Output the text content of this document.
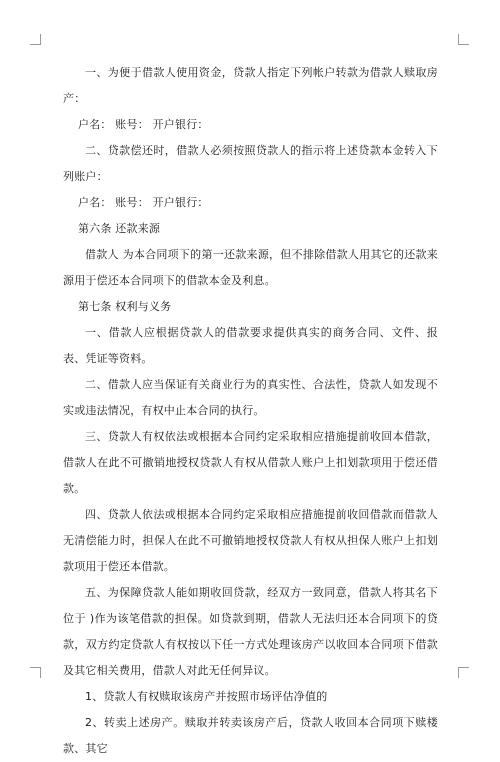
一、为便于借款人使用资金，贷款人指定下列帐户转款为借款人赎取房产：

户名： 账号： 开户银行：

二、贷款偿还时，借款人必须按照贷款人的指示将上述贷款本金转入下列账户：

户名： 账号： 开户银行：

第六条 还款来源

借款人 为本合同项下的第一还款来源，但不排除借款人用其它的还款来源用于偿还本合同项下的借款本金及利息。

第七条 权利与义务

一、借款人应根据贷款人的借款要求提供真实的商务合同、文件、报表、凭证等资料。

二、借款人应当保证有关商业行为的真实性、合法性，贷款人如发现不实或违法情况，有权中止本合同的执行。

三、贷款人有权依法或根据本合同约定采取相应措施提前收回本借款，借款人在此不可撤销地授权贷款人有权从借款人账户上扣划款项用于偿还借款。

四、贷款人依法或根据本合同约定采取相应措施提前收回借款而借款人无清偿能力时，担保人在此不可撤销地授权贷款人有权从担保人账户上扣划款项用于偿还本借款。

五、为保障贷款人能如期收回贷款，经双方一致同意，借款人将其名下位于 )作为该笔借款的担保。如贷款到期，借款人无法归还本合同项下的贷款，双方约定贷款人有权按以下任一方式处理该房产以收回本合同项下借款及其它相关费用，借款人对此无任何异议。

1、贷款人有权赎取该房产并按照市场评估净值的

2、转卖上述房产。赎取并转卖该房产后，贷款人收回本合同项下赎楼款、其它
